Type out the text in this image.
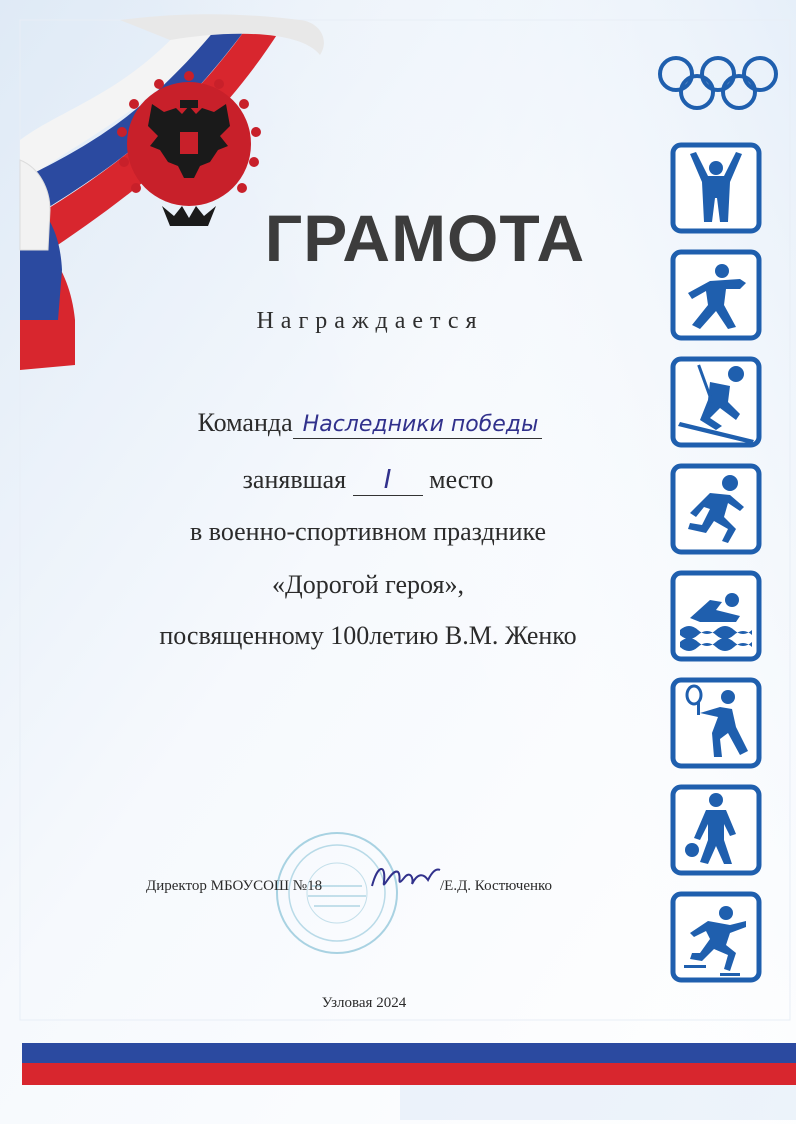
ГРАМОТА
Награждается
Команда Наследники победы
занявшая I место
в военно-спортивном празднике
«Дорогой героя»,
посвященному 100летию В.М. Женко
Директор МБОУСОШ №18	/Е.Д. Костюченко
Узловая 2024
